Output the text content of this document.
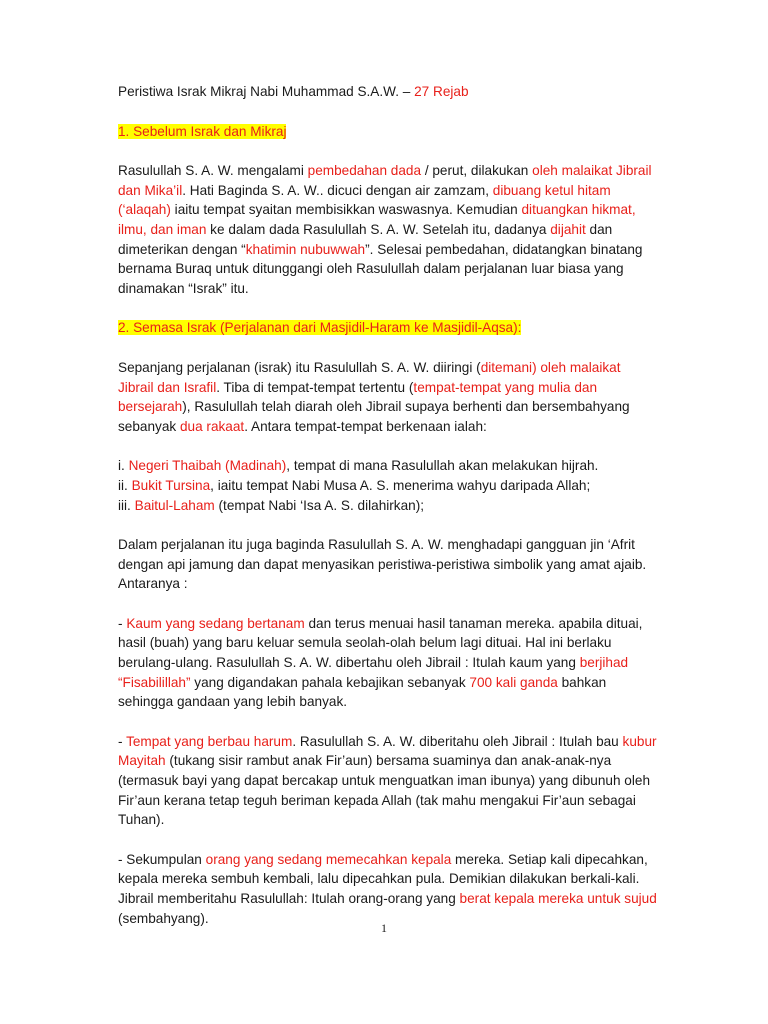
Peristiwa Israk Mikraj Nabi Muhammad S.A.W. – 27 Rejab

1. Sebelum Israk dan Mikraj

Rasulullah S. A. W. mengalami pembedahan dada / perut, dilakukan oleh malaikat Jibrail dan Mika’il. Hati Baginda S. A. W.. dicuci dengan air zamzam, dibuang ketul hitam (‘alaqah) iaitu tempat syaitan membisikkan waswasnya. Kemudian dituangkan hikmat, ilmu, dan iman ke dalam dada Rasulullah S. A. W. Setelah itu, dadanya dijahit dan dimeterikan dengan “khatimin nubuwwah”. Selesai pembedahan, didatangkan binatang bernama Buraq untuk ditunggangi oleh Rasulullah dalam perjalanan luar biasa yang dinamakan “Israk” itu.

2. Semasa Israk (Perjalanan dari Masjidil-Haram ke Masjidil-Aqsa):

Sepanjang perjalanan (israk) itu Rasulullah S. A. W. diiringi (ditemani) oleh malaikat Jibrail dan Israfil. Tiba di tempat-tempat tertentu (tempat-tempat yang mulia dan bersejarah), Rasulullah telah diarah oleh Jibrail supaya berhenti dan bersembahyang sebanyak dua rakaat. Antara tempat-tempat berkenaan ialah:

i. Negeri Thaibah (Madinah), tempat di mana Rasulullah akan melakukan hijrah.

ii. Bukit Tursina, iaitu tempat Nabi Musa A. S. menerima wahyu daripada Allah;

iii. Baitul-Laham (tempat Nabi ‘Isa A. S. dilahirkan);

Dalam perjalanan itu juga baginda Rasulullah S. A. W. menghadapi gangguan jin ‘Afrit dengan api jamung dan dapat menyasikan peristiwa-peristiwa simbolik yang amat ajaib. Antaranya :

- Kaum yang sedang bertanam dan terus menuai hasil tanaman mereka. apabila dituai, hasil (buah) yang baru keluar semula seolah-olah belum lagi dituai. Hal ini berlaku berulang-ulang. Rasulullah S. A. W. dibertahu oleh Jibrail : Itulah kaum yang berjihad “Fisabilillah” yang digandakan pahala kebajikan sebanyak 700 kali ganda bahkan sehingga gandaan yang lebih banyak.

- Tempat yang berbau harum. Rasulullah S. A. W. diberitahu oleh Jibrail : Itulah bau kubur Mayitah (tukang sisir rambut anak Fir’aun) bersama suaminya dan anak-anak-nya (termasuk bayi yang dapat bercakap untuk menguatkan iman ibunya) yang dibunuh oleh Fir’aun kerana tetap teguh beriman kepada Allah (tak mahu mengakui Fir’aun sebagai Tuhan).

- Sekumpulan orang yang sedang memecahkan kepala mereka. Setiap kali dipecahkan, kepala mereka sembuh kembali, lalu dipecahkan pula. Demikian dilakukan berkali-kali. Jibrail memberitahu Rasulullah: Itulah orang-orang yang berat kepala mereka untuk sujud (sembahyang).

1
